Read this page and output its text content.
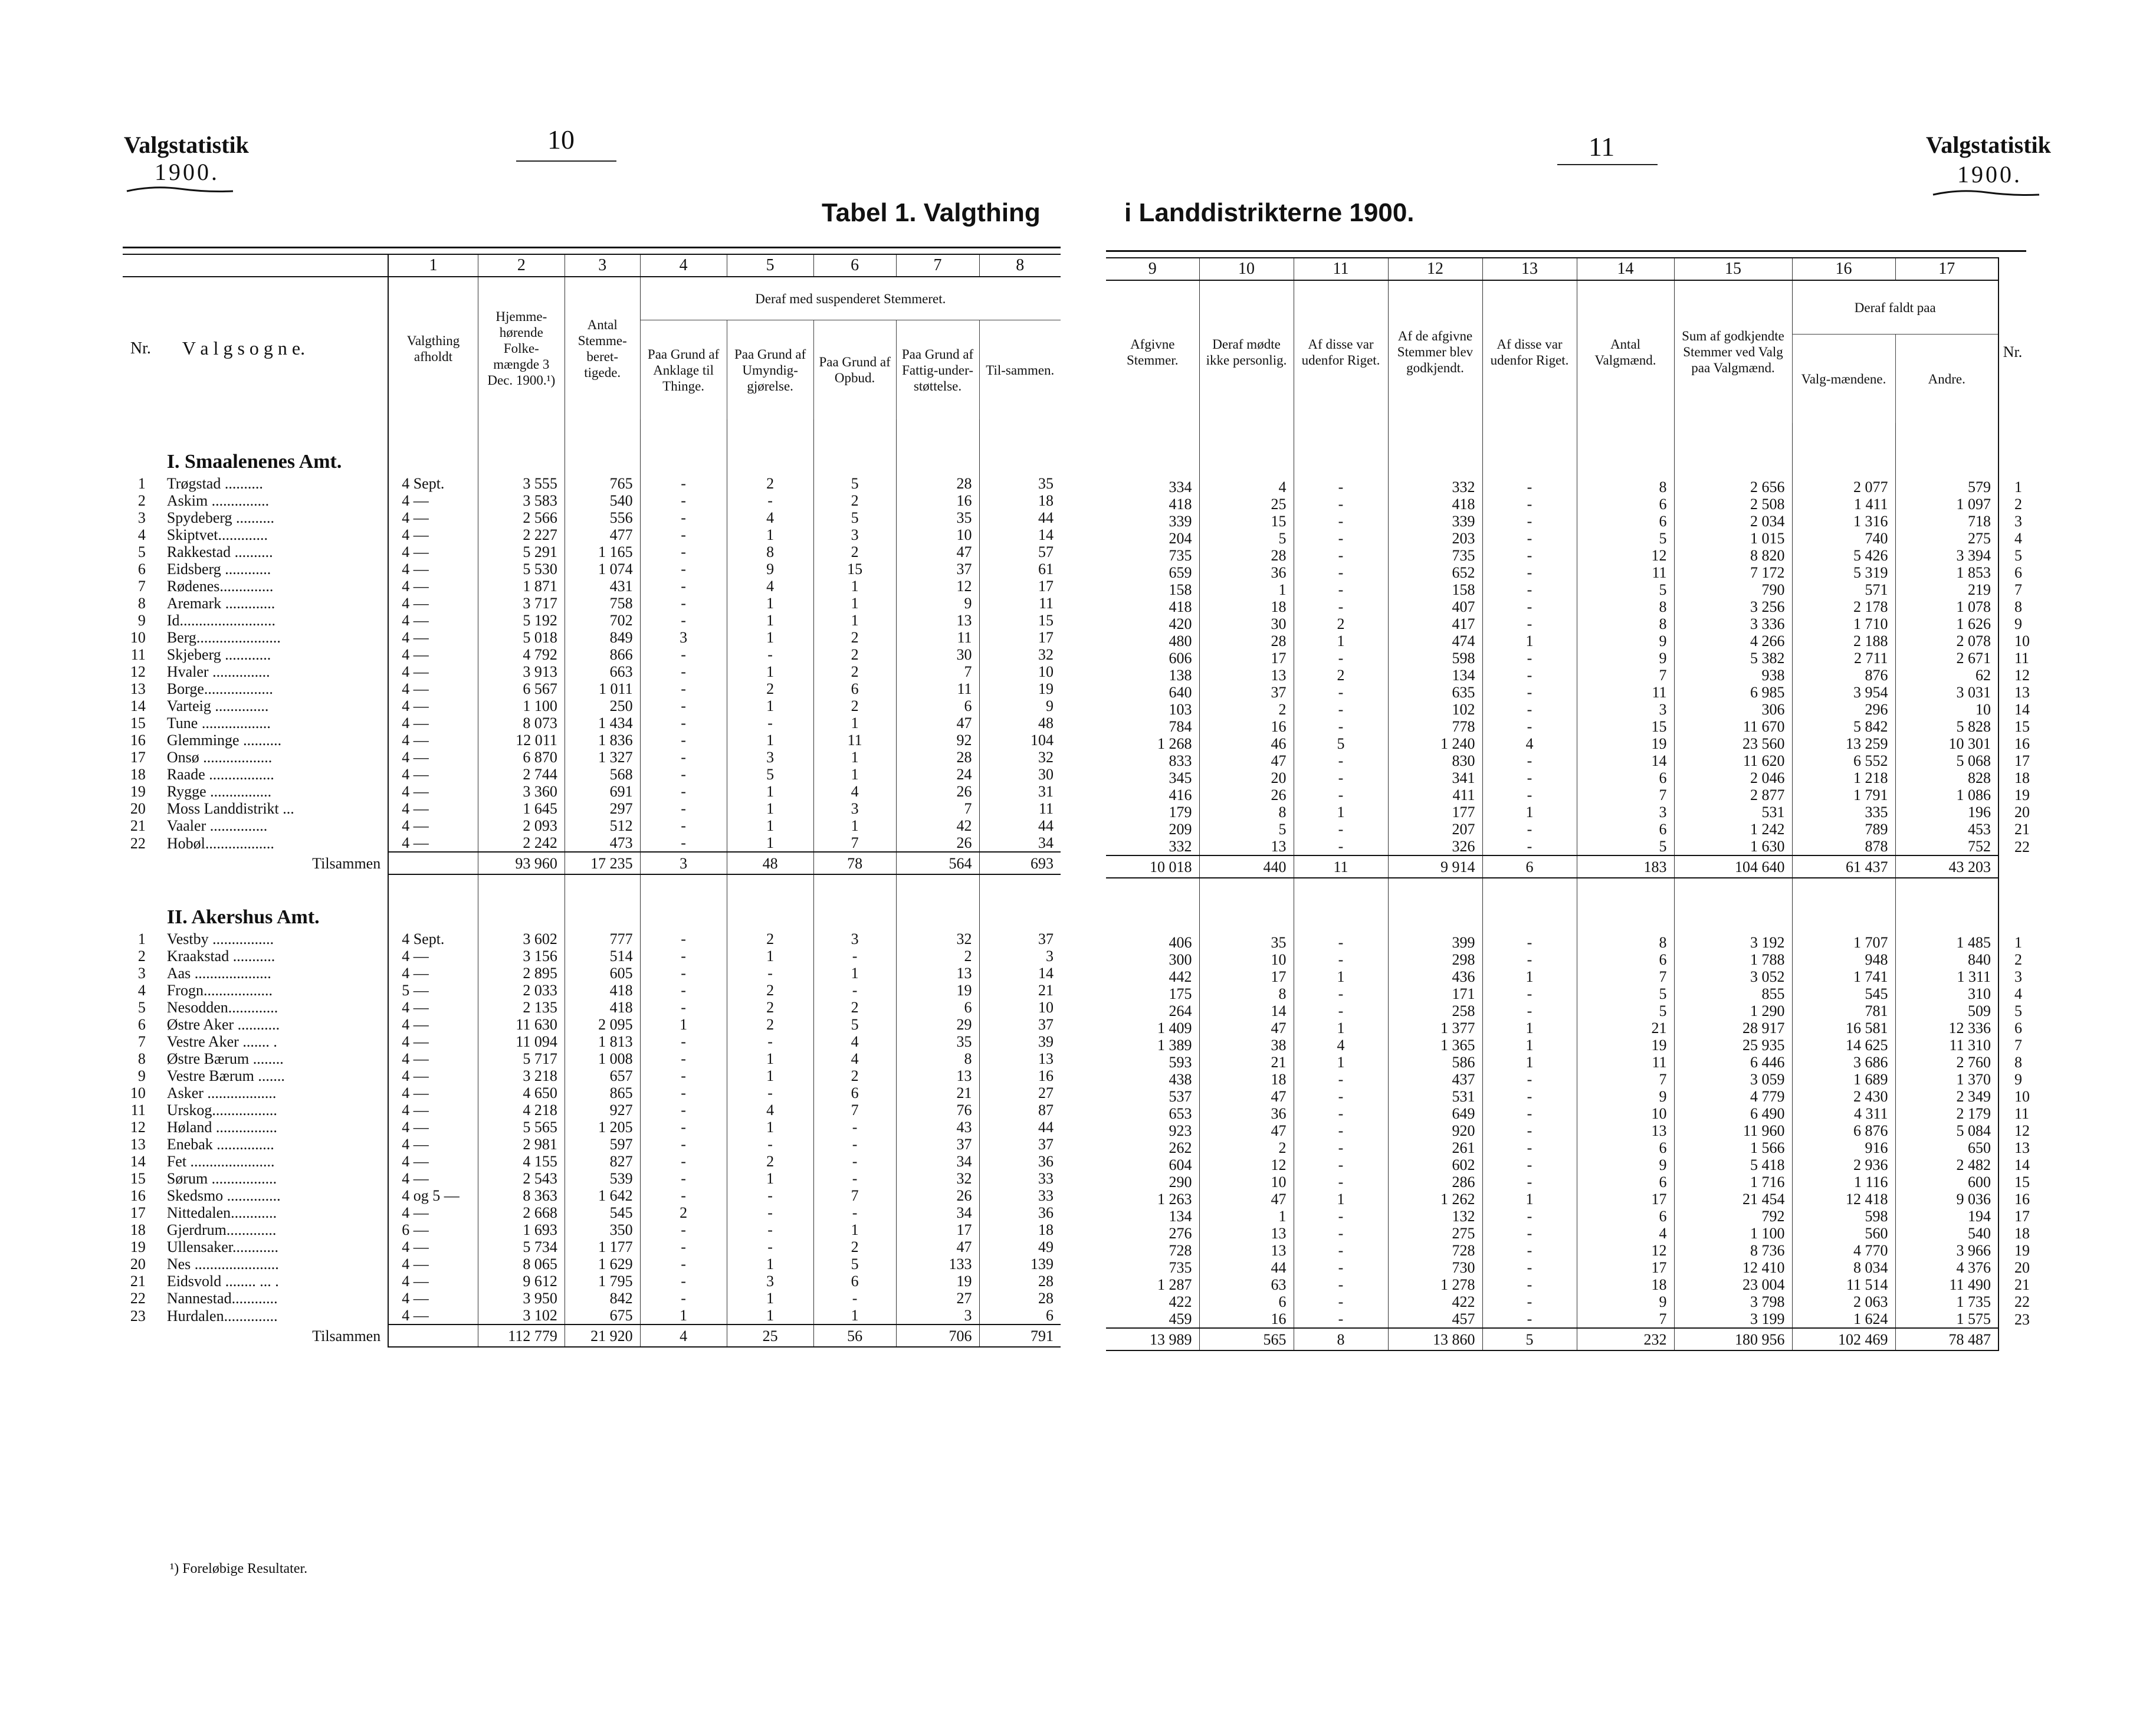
Valgstatistik
1900.
10	11	Valgstatistik
1900.
Tabel 1. Valgthing	i Landdistrikterne 1900.
		1	2	3	4	5	6	7	8
Nr.	V a l g s o g n e.	Valgthing afholdt	Hjemme-hørende Folke-mængde 3 Dec. 1900.¹)	Antal Stemme-beret-tigede.	Deraf med suspenderet Stemmeret.				
					Paa Grund af Anklage til Thinge.	Paa Grund af Umyndig-gjørelse.	Paa Grund af Opbud.	Paa Grund af Fattig-under-støttelse.	Til-sammen.
	I. Smaalenenes Amt.								
1	Trøgstad ..........	4 Sept.	3 555	765	-	2	5	28	35
2	Askim ...............	4 —	3 583	540	-	-	2	16	18
3	Spydeberg ..........	4 —	2 566	556	-	4	5	35	44
4	Skiptvet.............	4 —	2 227	477	-	1	3	10	14
5	Rakkestad ..........	4 —	5 291	1 165	-	8	2	47	57
6	Eidsberg ............	4 —	5 530	1 074	-	9	15	37	61
7	Rødenes..............	4 —	1 871	431	-	4	1	12	17
8	Aremark .............	4 —	3 717	758	-	1	1	9	11
9	Id.........................	4 —	5 192	702	-	1	1	13	15
10	Berg......................	4 —	5 018	849	3	1	2	11	17
11	Skjeberg ............	4 —	4 792	866	-	-	2	30	32
12	Hvaler ...............	4 —	3 913	663	-	1	2	7	10
13	Borge..................	4 —	6 567	1 011	-	2	6	11	19
14	Varteig ..............	4 —	1 100	250	-	1	2	6	9
15	Tune ..................	4 —	8 073	1 434	-	-	1	47	48
16	Glemminge ..........	4 —	12 011	1 836	-	1	11	92	104
17	Onsø ..................	4 —	6 870	1 327	-	3	1	28	32
18	Raade .................	4 —	2 744	568	-	5	1	24	30
19	Rygge ................	4 —	3 360	691	-	1	4	26	31
20	Moss Landdistrikt ...	4 —	1 645	297	-	1	3	7	11
21	Vaaler ...............	4 —	2 093	512	-	1	1	42	44
22	Hobøl..................	4 —	2 242	473	-	1	7	26	34
	Tilsammen		93 960	17 235	3	48	78	564	693
	II. Akershus Amt.								
1	Vestby ................	4 Sept.	3 602	777	-	2	3	32	37
2	Kraakstad ...........	4 —	3 156	514	-	1	-	2	3
3	Aas ....................	4 —	2 895	605	-	-	1	13	14
4	Frogn..................	5 —	2 033	418	-	2	-	19	21
5	Nesodden.............	4 —	2 135	418	-	2	2	6	10
6	Østre Aker ...........	4 —	11 630	2 095	1	2	5	29	37
7	Vestre Aker ....... .	4 —	11 094	1 813	-	-	4	35	39
8	Østre Bærum ........	4 —	5 717	1 008	-	1	4	8	13
9	Vestre Bærum .......	4 —	3 218	657	-	1	2	13	16
10	Asker ..................	4 —	4 650	865	-	-	6	21	27
11	Urskog.................	4 —	4 218	927	-	4	7	76	87
12	Høland ................	4 —	5 565	1 205	-	1	-	43	44
13	Enebak ...............	4 —	2 981	597	-	-	-	37	37
14	Fet ......................	4 —	4 155	827	-	2	-	34	36
15	Sørum .................	4 —	2 543	539	-	1	-	32	33
16	Skedsmo ..............	4 og 5 —	8 363	1 642	-	-	7	26	33
17	Nittedalen............	4 —	2 668	545	2	-	-	34	36
18	Gjerdrum.............	6 —	1 693	350	-	-	1	17	18
19	Ullensaker............	4 —	5 734	1 177	-	-	2	47	49
20	Nes ......................	4 —	8 065	1 629	-	1	5	133	139
21	Eidsvold ........ ... .	4 —	9 612	1 795	-	3	6	19	28
22	Nannestad............	4 —	3 950	842	-	1	-	27	28
23	Hurdalen..............	4 —	3 102	675	1	1	1	3	6
	Tilsammen		112 779	21 920	4	25	56	706	791
9	10	11	12	13	14	15	16	17	
Afgivne Stemmer.	Deraf mødte ikke personlig.	Af disse var udenfor Riget.	Af de afgivne Stemmer blev godkjendt.	Af disse var udenfor Riget.	Antal Valgmænd.	Sum af godkjendte Stemmer ved Valg paa Valgmænd.	Deraf faldt paa		Nr.
							Valg-mændene.	Andre.	

334	4	-	332	-	8	2 656	2 077	579	1
418	25	-	418	-	6	2 508	1 411	1 097	2
339	15	-	339	-	6	2 034	1 316	718	3
204	5	-	203	-	5	1 015	740	275	4
735	28	-	735	-	12	8 820	5 426	3 394	5
659	36	-	652	-	11	7 172	5 319	1 853	6
158	1	-	158	-	5	790	571	219	7
418	18	-	407	-	8	3 256	2 178	1 078	8
420	30	2	417	-	8	3 336	1 710	1 626	9
480	28	1	474	1	9	4 266	2 188	2 078	10
606	17	-	598	-	9	5 382	2 711	2 671	11
138	13	2	134	-	7	938	876	62	12
640	37	-	635	-	11	6 985	3 954	3 031	13
103	2	-	102	-	3	306	296	10	14
784	16	-	778	-	15	11 670	5 842	5 828	15
1 268	46	5	1 240	4	19	23 560	13 259	10 301	16
833	47	-	830	-	14	11 620	6 552	5 068	17
345	20	-	341	-	6	2 046	1 218	828	18
416	26	-	411	-	7	2 877	1 791	1 086	19
179	8	1	177	1	3	531	335	196	20
209	5	-	207	-	6	1 242	789	453	21
332	13	-	326	-	5	1 630	878	752	22
10 018	440	11	9 914	6	183	104 640	61 437	43 203	

406	35	-	399	-	8	3 192	1 707	1 485	1
300	10	-	298	-	6	1 788	948	840	2
442	17	1	436	1	7	3 052	1 741	1 311	3
175	8	-	171	-	5	855	545	310	4
264	14	-	258	-	5	1 290	781	509	5
1 409	47	1	1 377	1	21	28 917	16 581	12 336	6
1 389	38	4	1 365	1	19	25 935	14 625	11 310	7
593	21	1	586	1	11	6 446	3 686	2 760	8
438	18	-	437	-	7	3 059	1 689	1 370	9
537	47	-	531	-	9	4 779	2 430	2 349	10
653	36	-	649	-	10	6 490	4 311	2 179	11
923	47	-	920	-	13	11 960	6 876	5 084	12
262	2	-	261	-	6	1 566	916	650	13
604	12	-	602	-	9	5 418	2 936	2 482	14
290	10	-	286	-	6	1 716	1 116	600	15
1 263	47	1	1 262	1	17	21 454	12 418	9 036	16
134	1	-	132	-	6	792	598	194	17
276	13	-	275	-	4	1 100	560	540	18
728	13	-	728	-	12	8 736	4 770	3 966	19
735	44	-	730	-	17	12 410	8 034	4 376	20
1 287	63	-	1 278	-	18	23 004	11 514	11 490	21
422	6	-	422	-	9	3 798	2 063	1 735	22
459	16	-	457	-	7	3 199	1 624	1 575	23
13 989	565	8	13 860	5	232	180 956	102 469	78 487	
¹) Foreløbige Resultater.
